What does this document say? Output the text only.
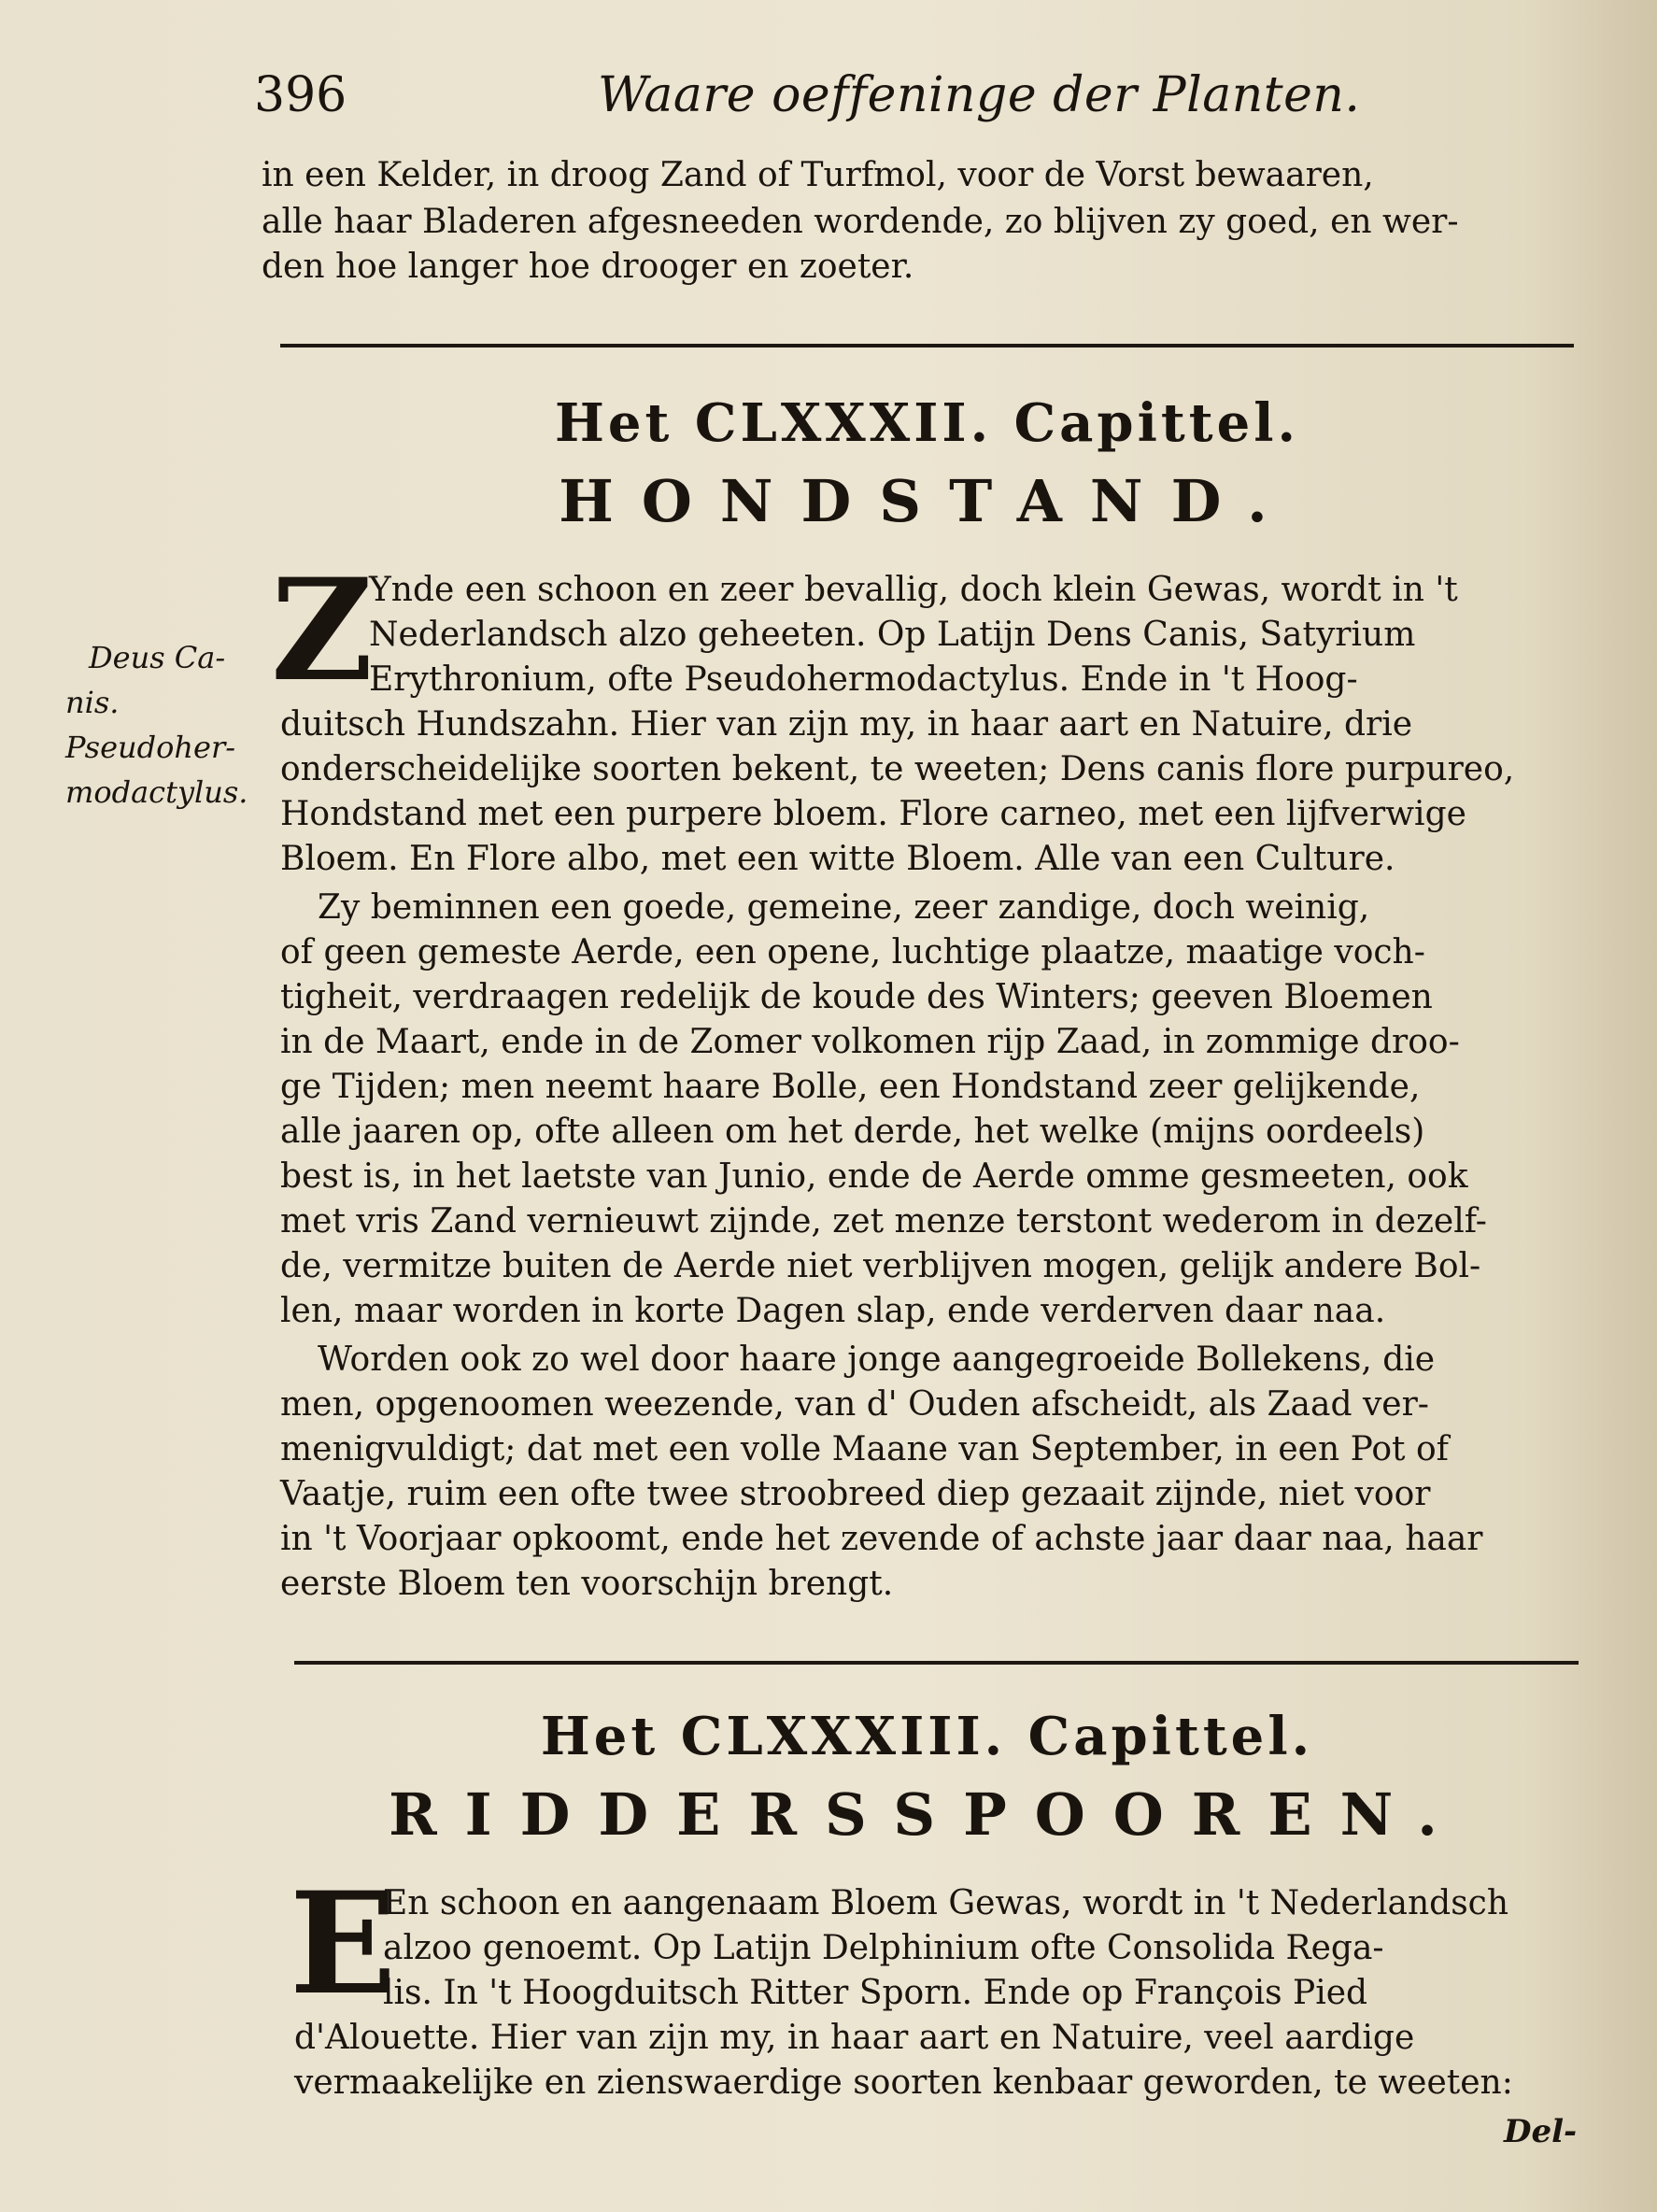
396	Waare oeffeninge der Planten.
in een Kelder, in droog Zand of Turfmol, voor de Vorst bewaaren,
alle haar Bladeren afgesneeden wordende, zo blijven zy goed, en wer-
den hoe langer hoe drooger en zoeter.
Het CLXXXII. Capittel.
HONDSTAND.
Z
Deus Ca-
nis.
Pseudoher-
modactylus.
Ynde een schoon en zeer bevallig, doch klein Gewas, wordt in 't
Nederlandsch alzo geheeten. Op Latijn Dens Canis, Satyrium
Erythronium, ofte Pseudohermodactylus. Ende in 't Hoog-
duitsch Hundszahn. Hier van zijn my, in haar aart en Natuire, drie
onderscheidelijke soorten bekent, te weeten; Dens canis flore purpureo,
Hondstand met een purpere bloem. Flore carneo, met een lijfverwige
Bloem. En Flore albo, met een witte Bloem. Alle van een Culture.
Zy beminnen een goede, gemeine, zeer zandige, doch weinig,
of geen gemeste Aerde, een opene, luchtige plaatze, maatige voch-
tigheit, verdraagen redelijk de koude des Winters; geeven Bloemen
in de Maart, ende in de Zomer volkomen rijp Zaad, in zommige droo-
ge Tijden; men neemt haare Bolle, een Hondstand zeer gelijkende,
alle jaaren op, ofte alleen om het derde, het welke (mijns oordeels)
best is, in het laetste van Junio, ende de Aerde omme gesmeeten, ook
met vris Zand vernieuwt zijnde, zet menze terstont wederom in dezelf-
de, vermitze buiten de Aerde niet verblijven mogen, gelijk andere Bol-
len, maar worden in korte Dagen slap, ende verderven daar naa.
Worden ook zo wel door haare jonge aangegroeide Bollekens, die
men, opgenoomen weezende, van d' Ouden afscheidt, als Zaad ver-
menigvuldigt; dat met een volle Maane van September, in een Pot of
Vaatje, ruim een ofte twee stroobreed diep gezaait zijnde, niet voor
in 't Voorjaar opkoomt, ende het zevende of achste jaar daar naa, haar
eerste Bloem ten voorschijn brengt.
Het CLXXXIII. Capittel.
RIDDERSSPOOREN.
E
En schoon en aangenaam Bloem Gewas, wordt in 't Nederlandsch
alzoo genoemt. Op Latijn Delphinium ofte Consolida Rega-
lis. In 't Hoogduitsch Ritter Sporn. Ende op François Pied
d'Alouette. Hier van zijn my, in haar aart en Natuire, veel aardige
vermaakelijke en zienswaerdige soorten kenbaar geworden, te weeten:
Del-
